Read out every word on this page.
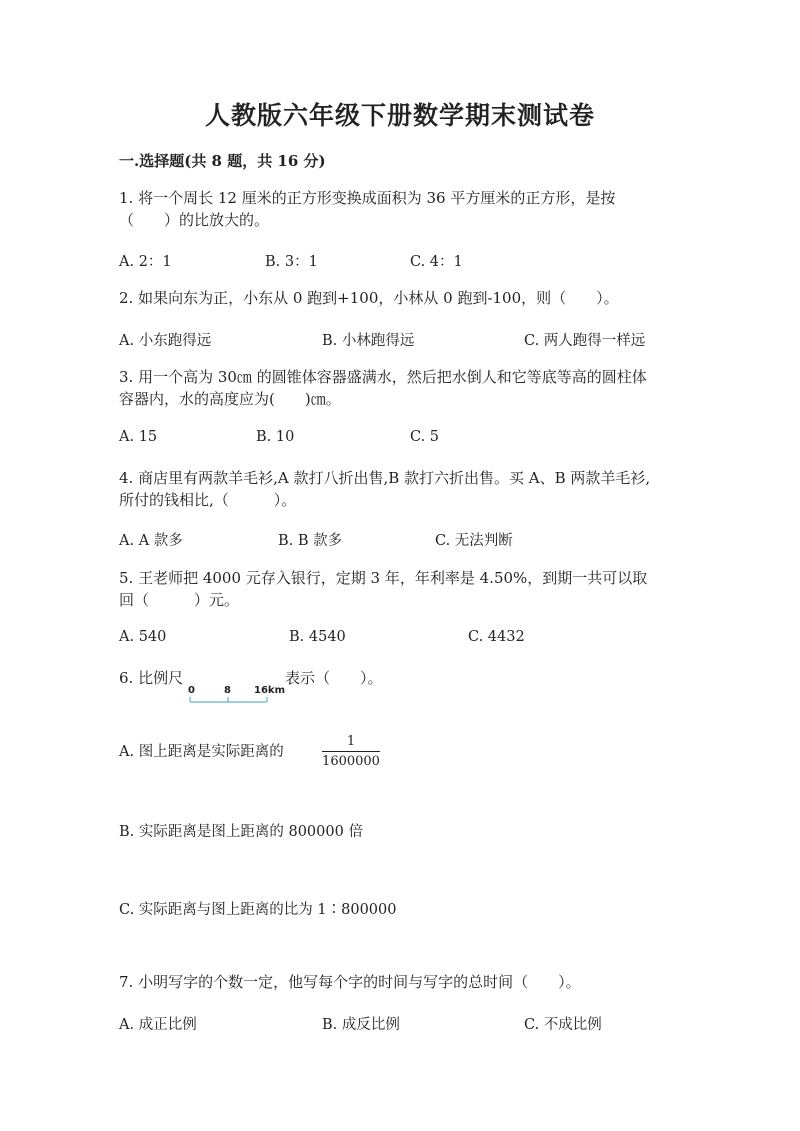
人教版六年级下册数学期末测试卷
一.选择题(共 8 题，共 16 分)
1. 将一个周长 12 厘米的正方形变换成面积为 36 平方厘米的正方形，是按
（　　）的比放大的。
A. 2：1	B. 3：1	C. 4：1
2. 如果向东为正，小东从 0 跑到+100，小林从 0 跑到-100，则（　　）。
A. 小东跑得远	B. 小林跑得远	C. 两人跑得一样远
3. 用一个高为 30㎝ 的圆锥体容器盛满水，然后把水倒人和它等底等高的圆柱体
容器内，水的高度应为(　　)㎝。
A. 15	B. 10	C. 5
4. 商店里有两款羊毛衫,A 款打八折出售,B 款打六折出售。买 A、B 两款羊毛衫,
所付的钱相比,（　　　）。
A. A 款多	B. B 款多	C. 无法判断
5. 王老师把 4000 元存入银行，定期 3 年，年利率是 4.50%，到期一共可以取
回（　　　）元。
A. 540	B. 4540	C. 4432
6. 比例尺
0	8 16km
表示（　　）。
A. 图上距离是实际距离的
1
1600000
B. 实际距离是图上距离的 800000 倍
C. 实际距离与图上距离的比为 1∶800000
7. 小明写字的个数一定，他写每个字的时间与写字的总时间（　　）。
A. 成正比例	B. 成反比例	C. 不成比例
